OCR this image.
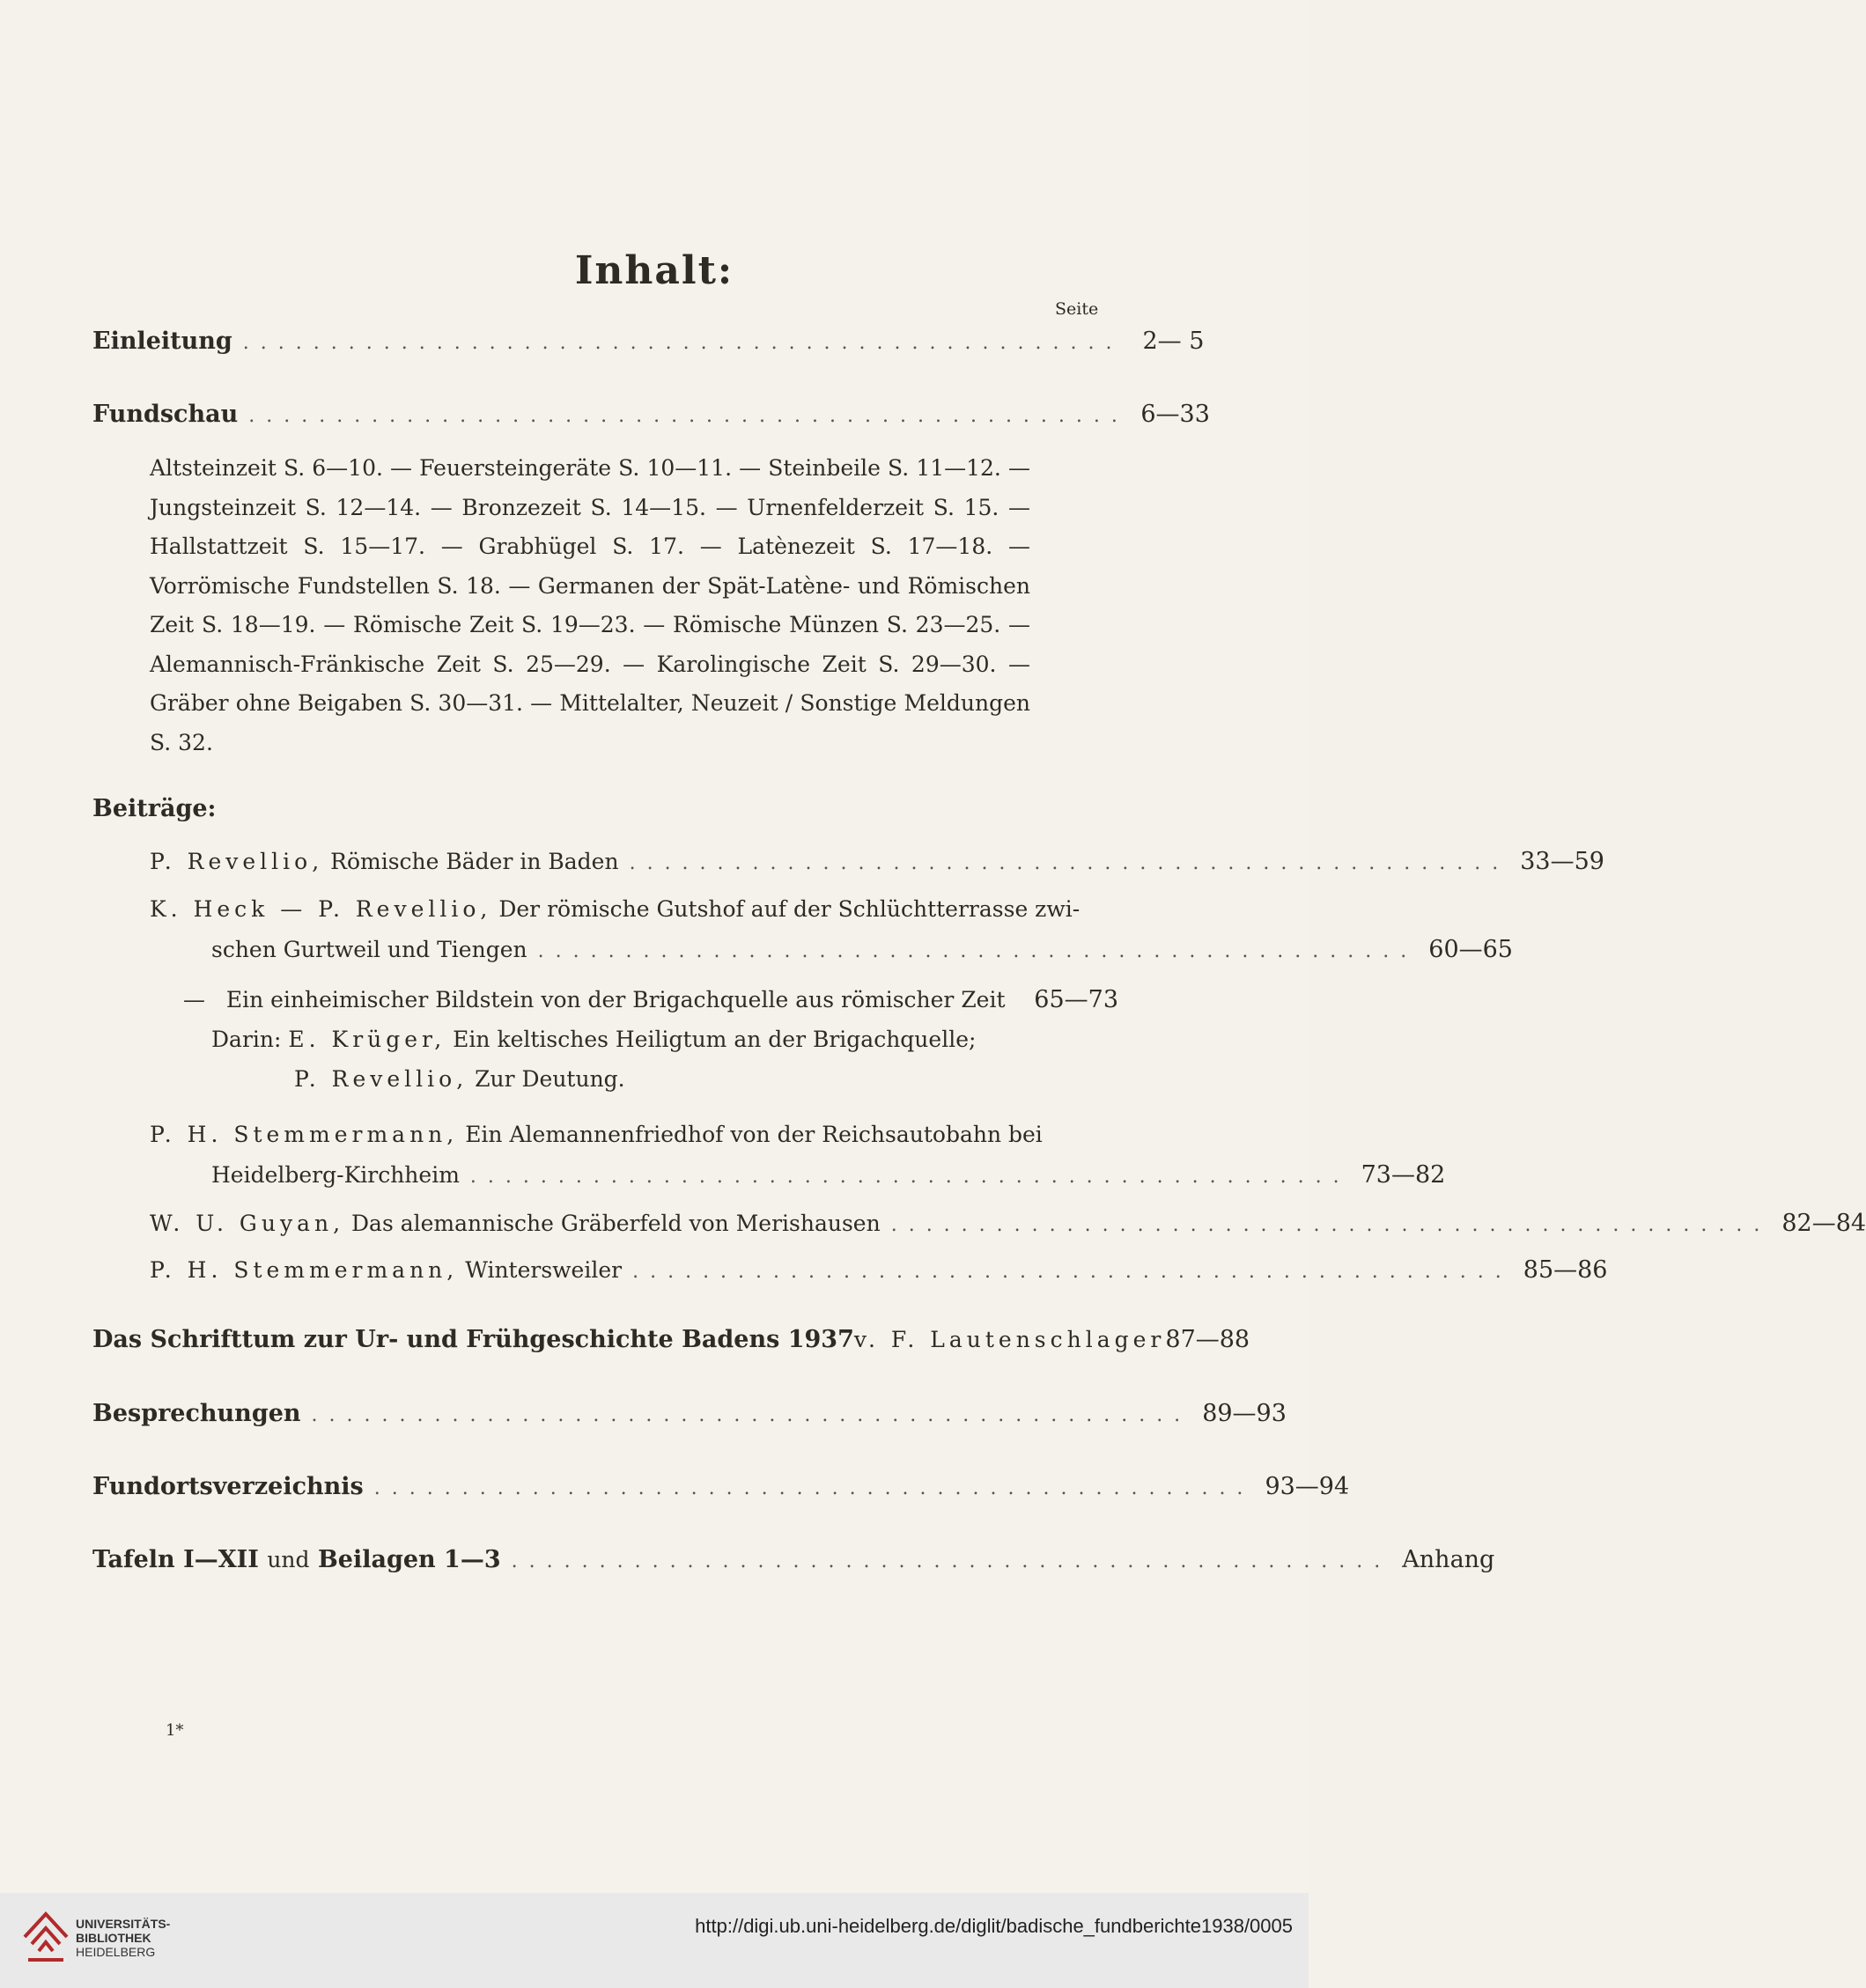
Inhalt:
Seite
Einleitung .................................................. 2— 5
Fundschau .................................................. 6—33
Altsteinzeit S. 6—10. — Feuersteingeräte S. 10—11. — Steinbeile S. 11—12. — Jungsteinzeit S. 12—14. — Bronzezeit S. 14—15. — Urnenfelderzeit S. 15. — Hallstattzeit S. 15—17. — Grabhügel S. 17. — Latènezeit S. 17—18. — Vorrömische Fundstellen S. 18. — Germanen der Spät-Latène- und Römischen Zeit S. 18—19. — Römische Zeit S. 19—23. — Römische Münzen S. 23—25. — Alemannisch-Fränkische Zeit S. 25—29. — Karolingische Zeit S. 29—30. — Gräber ohne Beigaben S. 30—31. — Mittelalter, Neuzeit / Sonstige Meldungen S. 32.
Beiträge:
P. Revellio, Römische Bäder in Baden .................................................. 33—59
K. Heck — P. Revellio, Der römische Gutshof auf der Schlüchtterrasse zwi-
schen Gurtweil und Tiengen .................................................. 60—65
— Ein einheimischer Bildstein von der Brigachquelle aus römischer Zeit 65—73
Darin: E. Krüger, Ein keltisches Heiligtum an der Brigachquelle;
P. Revellio, Zur Deutung.
P. H. Stemmermann, Ein Alemannenfriedhof von der Reichsautobahn bei
Heidelberg-Kirchheim .................................................. 73—82
W. U. Guyan, Das alemannische Gräberfeld von Merishausen .................................................. 82—84
P. H. Stemmermann, Wintersweiler .................................................. 85—86
Das Schrifttum zur Ur- und Frühgeschichte Badens 1937 v. F. Lautenschlager 87—88
Besprechungen .................................................. 89—93
Fundortsverzeichnis .................................................. 93—94
Tafeln I—XII und Beilagen 1—3 .................................................. Anhang
1*
UNIVERSITÄTS-
BIBLIOTHEK
HEIDELBERG
http://digi.ub.uni-heidelberg.de/diglit/badische_fundberichte1938/0005
